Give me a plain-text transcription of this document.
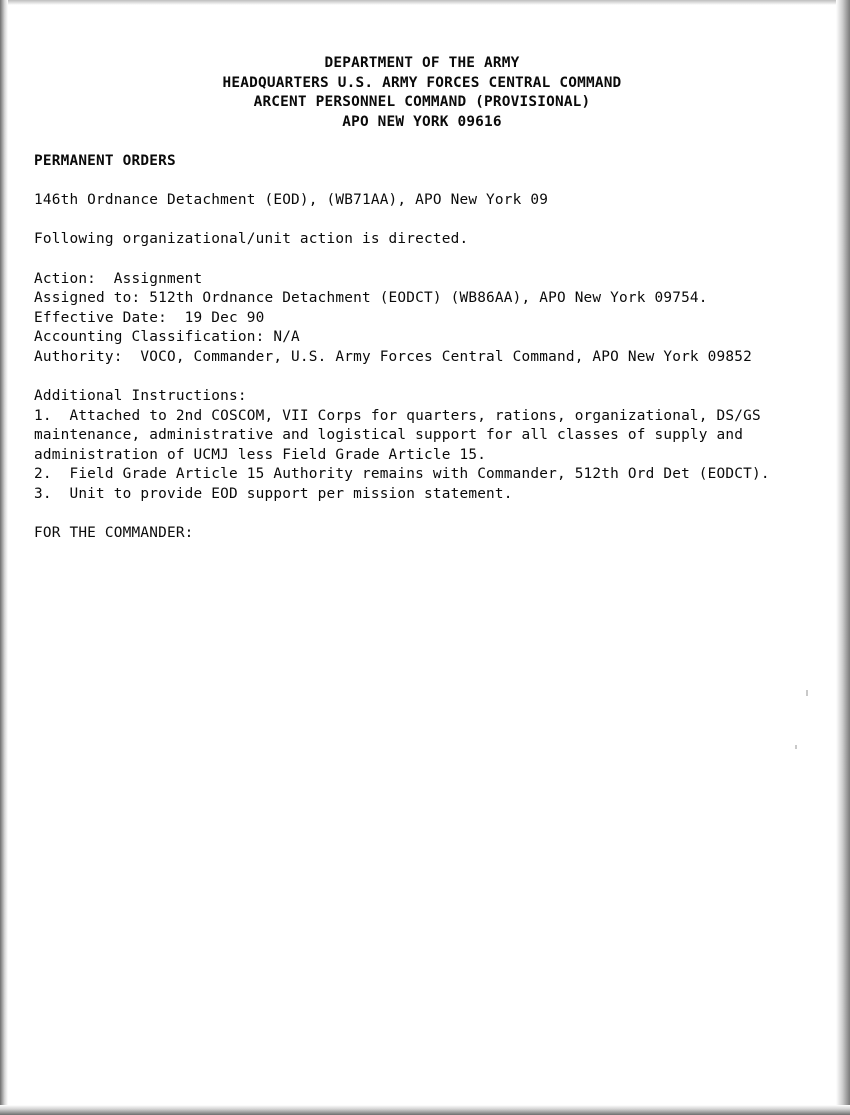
DEPARTMENT OF THE ARMY
HEADQUARTERS U.S. ARMY FORCES CENTRAL COMMAND
ARCENT PERSONNEL COMMAND (PROVISIONAL)
APO NEW YORK 09616
PERMANENT ORDERS
146th Ordnance Detachment (EOD), (WB71AA), APO New York 09
Following organizational/unit action is directed.
Action:  Assignment
Assigned to: 512th Ordnance Detachment (EODCT) (WB86AA), APO New York 09754.
Effective Date:  19 Dec 90
Accounting Classification: N/A
Authority:  VOCO, Commander, U.S. Army Forces Central Command, APO New York 09852
Additional Instructions:
1.  Attached to 2nd COSCOM, VII Corps for quarters, rations, organizational, DS/GS maintenance, administrative and logistical support for all classes of supply and administration of UCMJ less Field Grade Article 15.
2.  Field Grade Article 15 Authority remains with Commander, 512th Ord Det (EODCT).
3.  Unit to provide EOD support per mission statement.
FOR THE COMMANDER:
